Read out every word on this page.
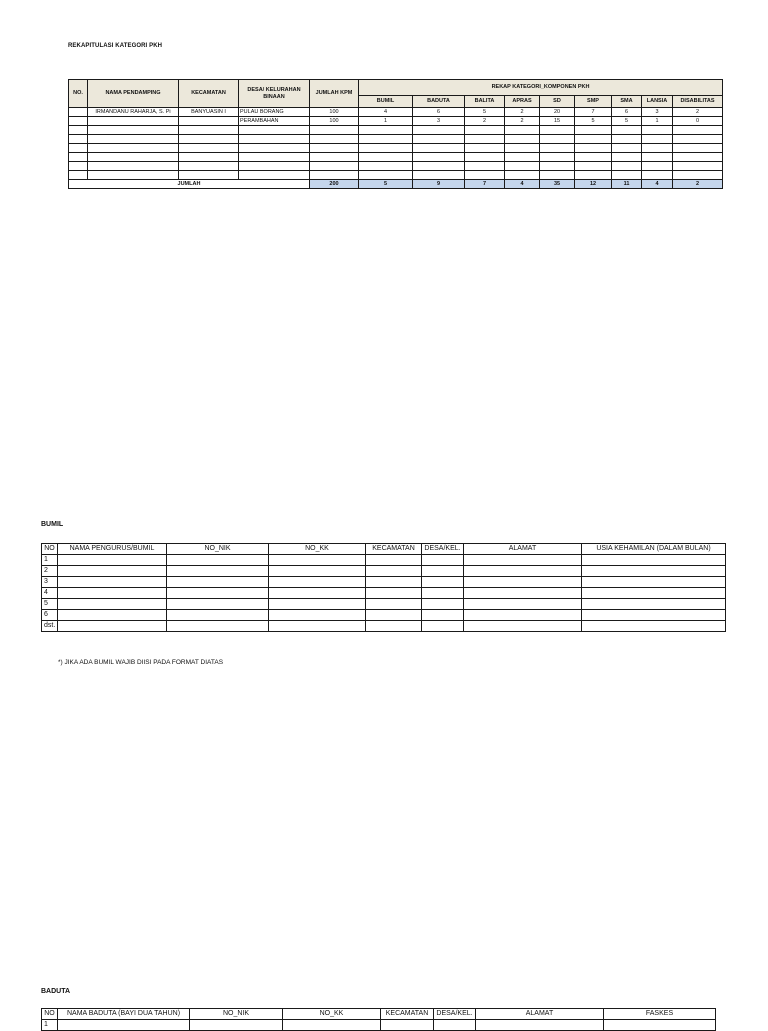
REKAPITULASI KATEGORI PKH
NO.	NAMA PENDAMPING	KECAMATAN	DESA/ KELURAHAN BINAAN	JUMLAH KPM	REKAP KATEGORI_KOMPONEN PKH								
					BUMIL	BADUTA	BALITA	APRAS	SD	SMP	SMA	LANSIA	DISABILITAS
	IRMANDANU RAHARJA, S. Pi	BANYUASIN I	PULAU BORANG	100	4	6	5	2	20	7	6	3	2
			PERAMBAHAN	100	1	3	2	2	15	5	5	1	0

JUMLAH				200	5	9	7	4	35	12	11	4	2
BUMIL
NO	NAMA PENGURUS/BUMIL	NO_NIK	NO_KK	KECAMATAN	DESA/KEL.	ALAMAT	USIA KEHAMILAN (DALAM BULAN)
1							
2							
3							
4							
5							
6							
dst.							
*) JIKA ADA BUMIL WAJIB DIISI PADA FORMAT DIATAS
BADUTA
NO	NAMA BADUTA (BAYI DUA TAHUN)	NO_NIK	NO_KK	KECAMATAN	DESA/KEL.	ALAMAT	FASKES
1							
